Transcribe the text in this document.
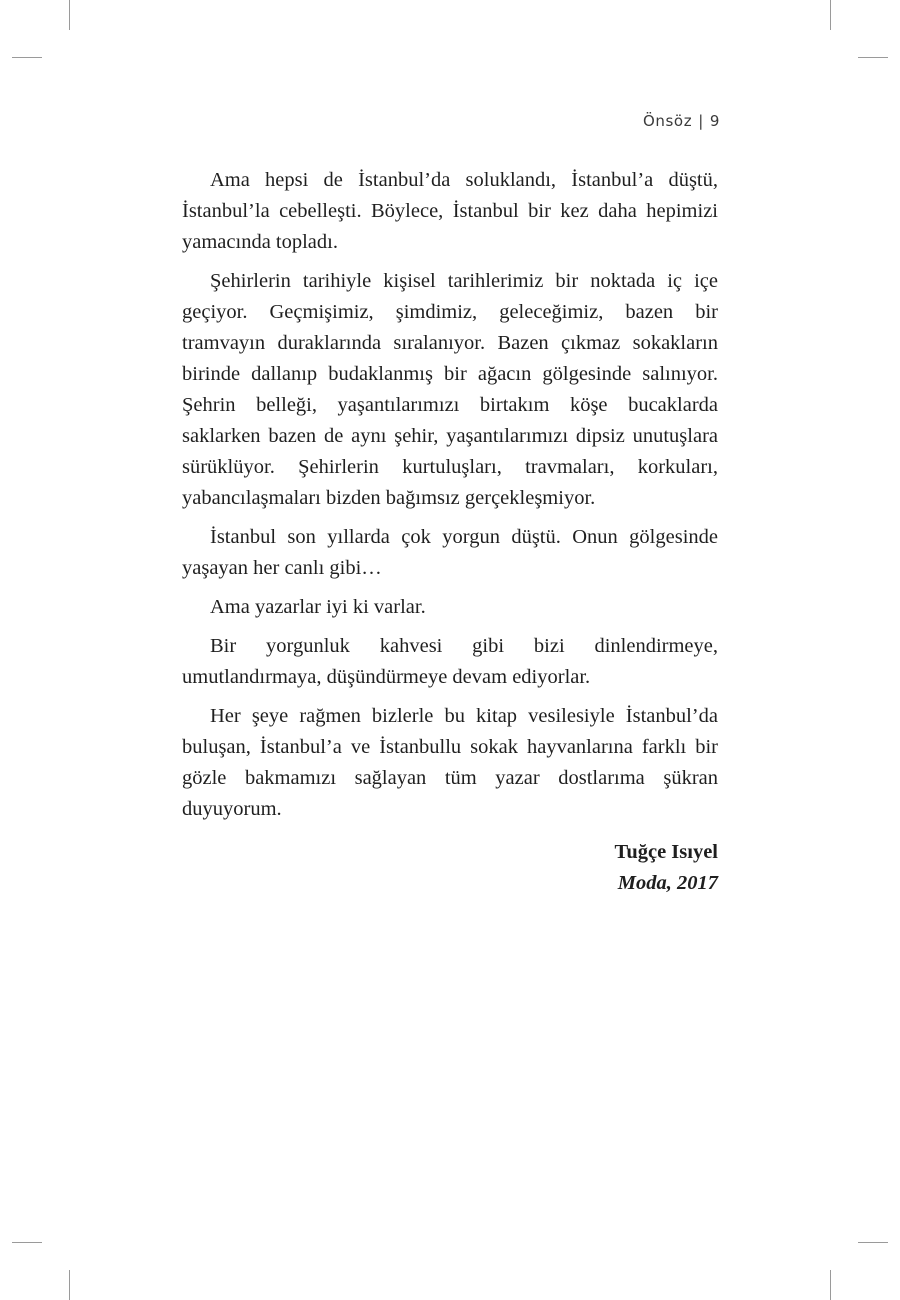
Önsöz | 9

Ama hepsi de İstanbul’da soluklandı, İstanbul’a düştü, İstanbul’la cebelleşti. Böylece, İstanbul bir kez daha hepimizi yamacında topladı.

Şehirlerin tarihiyle kişisel tarihlerimiz bir noktada iç içe geçiyor. Geçmişimiz, şimdimiz, geleceğimiz, bazen bir tramvayın duraklarında sıralanıyor. Bazen çıkmaz sokakların birinde dallanıp budaklanmış bir ağacın gölgesinde salınıyor. Şehrin belleği, yaşantılarımızı birtakım köşe bucaklarda saklarken bazen de aynı şehir, yaşantılarımızı dipsiz unutuşlara sürüklüyor. Şehirlerin kurtuluşları, travmaları, korkuları, yabancılaşmaları bizden bağımsız gerçekleşmiyor.

İstanbul son yıllarda çok yorgun düştü. Onun gölgesinde yaşayan her canlı gibi…

Ama yazarlar iyi ki varlar.

Bir yorgunluk kahvesi gibi bizi dinlendirmeye, umutlandırmaya, düşündürmeye devam ediyorlar.

Her şeye rağmen bizlerle bu kitap vesilesiyle İstanbul’da buluşan, İstanbul’a ve İstanbullu sokak hayvanlarına farklı bir gözle bakmamızı sağlayan tüm yazar dostlarıma şükran duyuyorum.

Tuğçe Isıyel
Moda, 2017
